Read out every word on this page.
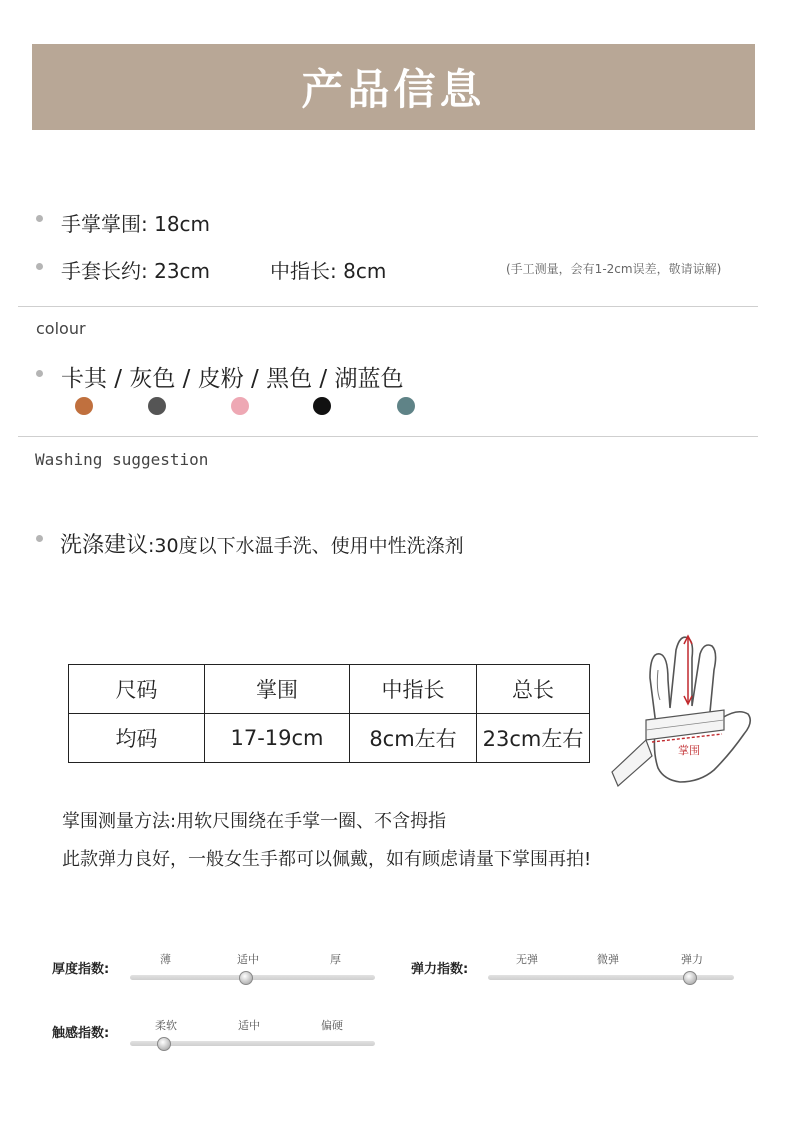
产品信息
手掌掌围: 18cm
手套长约: 23cm	中指长: 8cm	(手工测量，会有1-2cm误差，敬请谅解)
colour
卡其 / 灰色 / 皮粉 / 黑色 / 湖蓝色
Washing suggestion
洗涤建议:30度以下水温手洗、使用中性洗涤剂
尺码	掌围	中指长	总长
均码	17-19cm	8cm左右	23cm左右	掌围
掌围测量方法:用软尺围绕在手掌一圈、不含拇指
此款弹力良好，一般女生手都可以佩戴，如有顾虑请量下掌围再拍!
厚度指数:
薄	适中	厚
弹力指数:
无弹	微弹	弹力
触感指数:
柔软	适中	偏硬
